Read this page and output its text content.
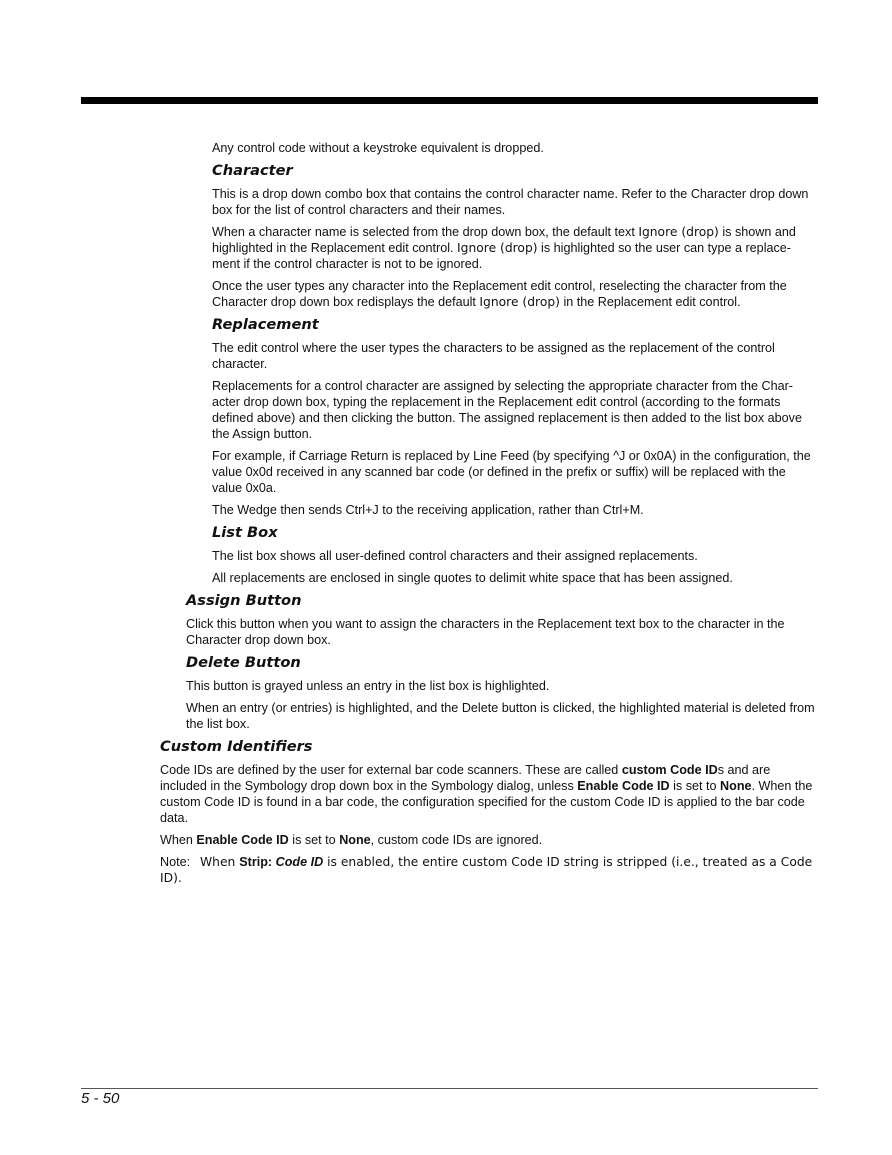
Any control code without a keystroke equivalent is dropped.

Character

This is a drop down combo box that contains the control character name. Refer to the Character drop down box for the list of control characters and their names.

When a character name is selected from the drop down box, the default text Ignore (drop) is shown and highlighted in the Replacement edit control. Ignore (drop) is highlighted so the user can type a replace-ment if the control character is not to be ignored.

Once the user types any character into the Replacement edit control, reselecting the character from the Character drop down box redisplays the default Ignore (drop) in the Replacement edit control.

Replacement

The edit control where the user types the characters to be assigned as the replacement of the control character.

Replacements for a control character are assigned by selecting the appropriate character from the Char-acter drop down box, typing the replacement in the Replacement edit control (according to the formats defined above) and then clicking the button. The assigned replacement is then added to the list box above the Assign button.

For example, if Carriage Return is replaced by Line Feed (by specifying ^J or 0x0A) in the configuration, the value 0x0d received in any scanned bar code (or defined in the prefix or suffix) will be replaced with the value 0x0a.

The Wedge then sends Ctrl+J to the receiving application, rather than Ctrl+M.

List Box

The list box shows all user-defined control characters and their assigned replacements.

All replacements are enclosed in single quotes to delimit white space that has been assigned.

Assign Button

Click this button when you want to assign the characters in the Replacement text box to the character in the Character drop down box.

Delete Button

This button is grayed unless an entry in the list box is highlighted.

When an entry (or entries) is highlighted, and the Delete button is clicked, the highlighted material is deleted from the list box.

Custom Identifiers

Code IDs are defined by the user for external bar code scanners. These are called custom Code IDs and are included in the Symbology drop down box in the Symbology dialog, unless Enable Code ID is set to None. When the custom Code ID is found in a bar code, the configuration specified for the custom Code ID is applied to the bar code data.

When Enable Code ID is set to None, custom code IDs are ignored.

Note: When Strip: Code ID is enabled, the entire custom Code ID string is stripped (i.e., treated as a Code ID).

5 - 50
